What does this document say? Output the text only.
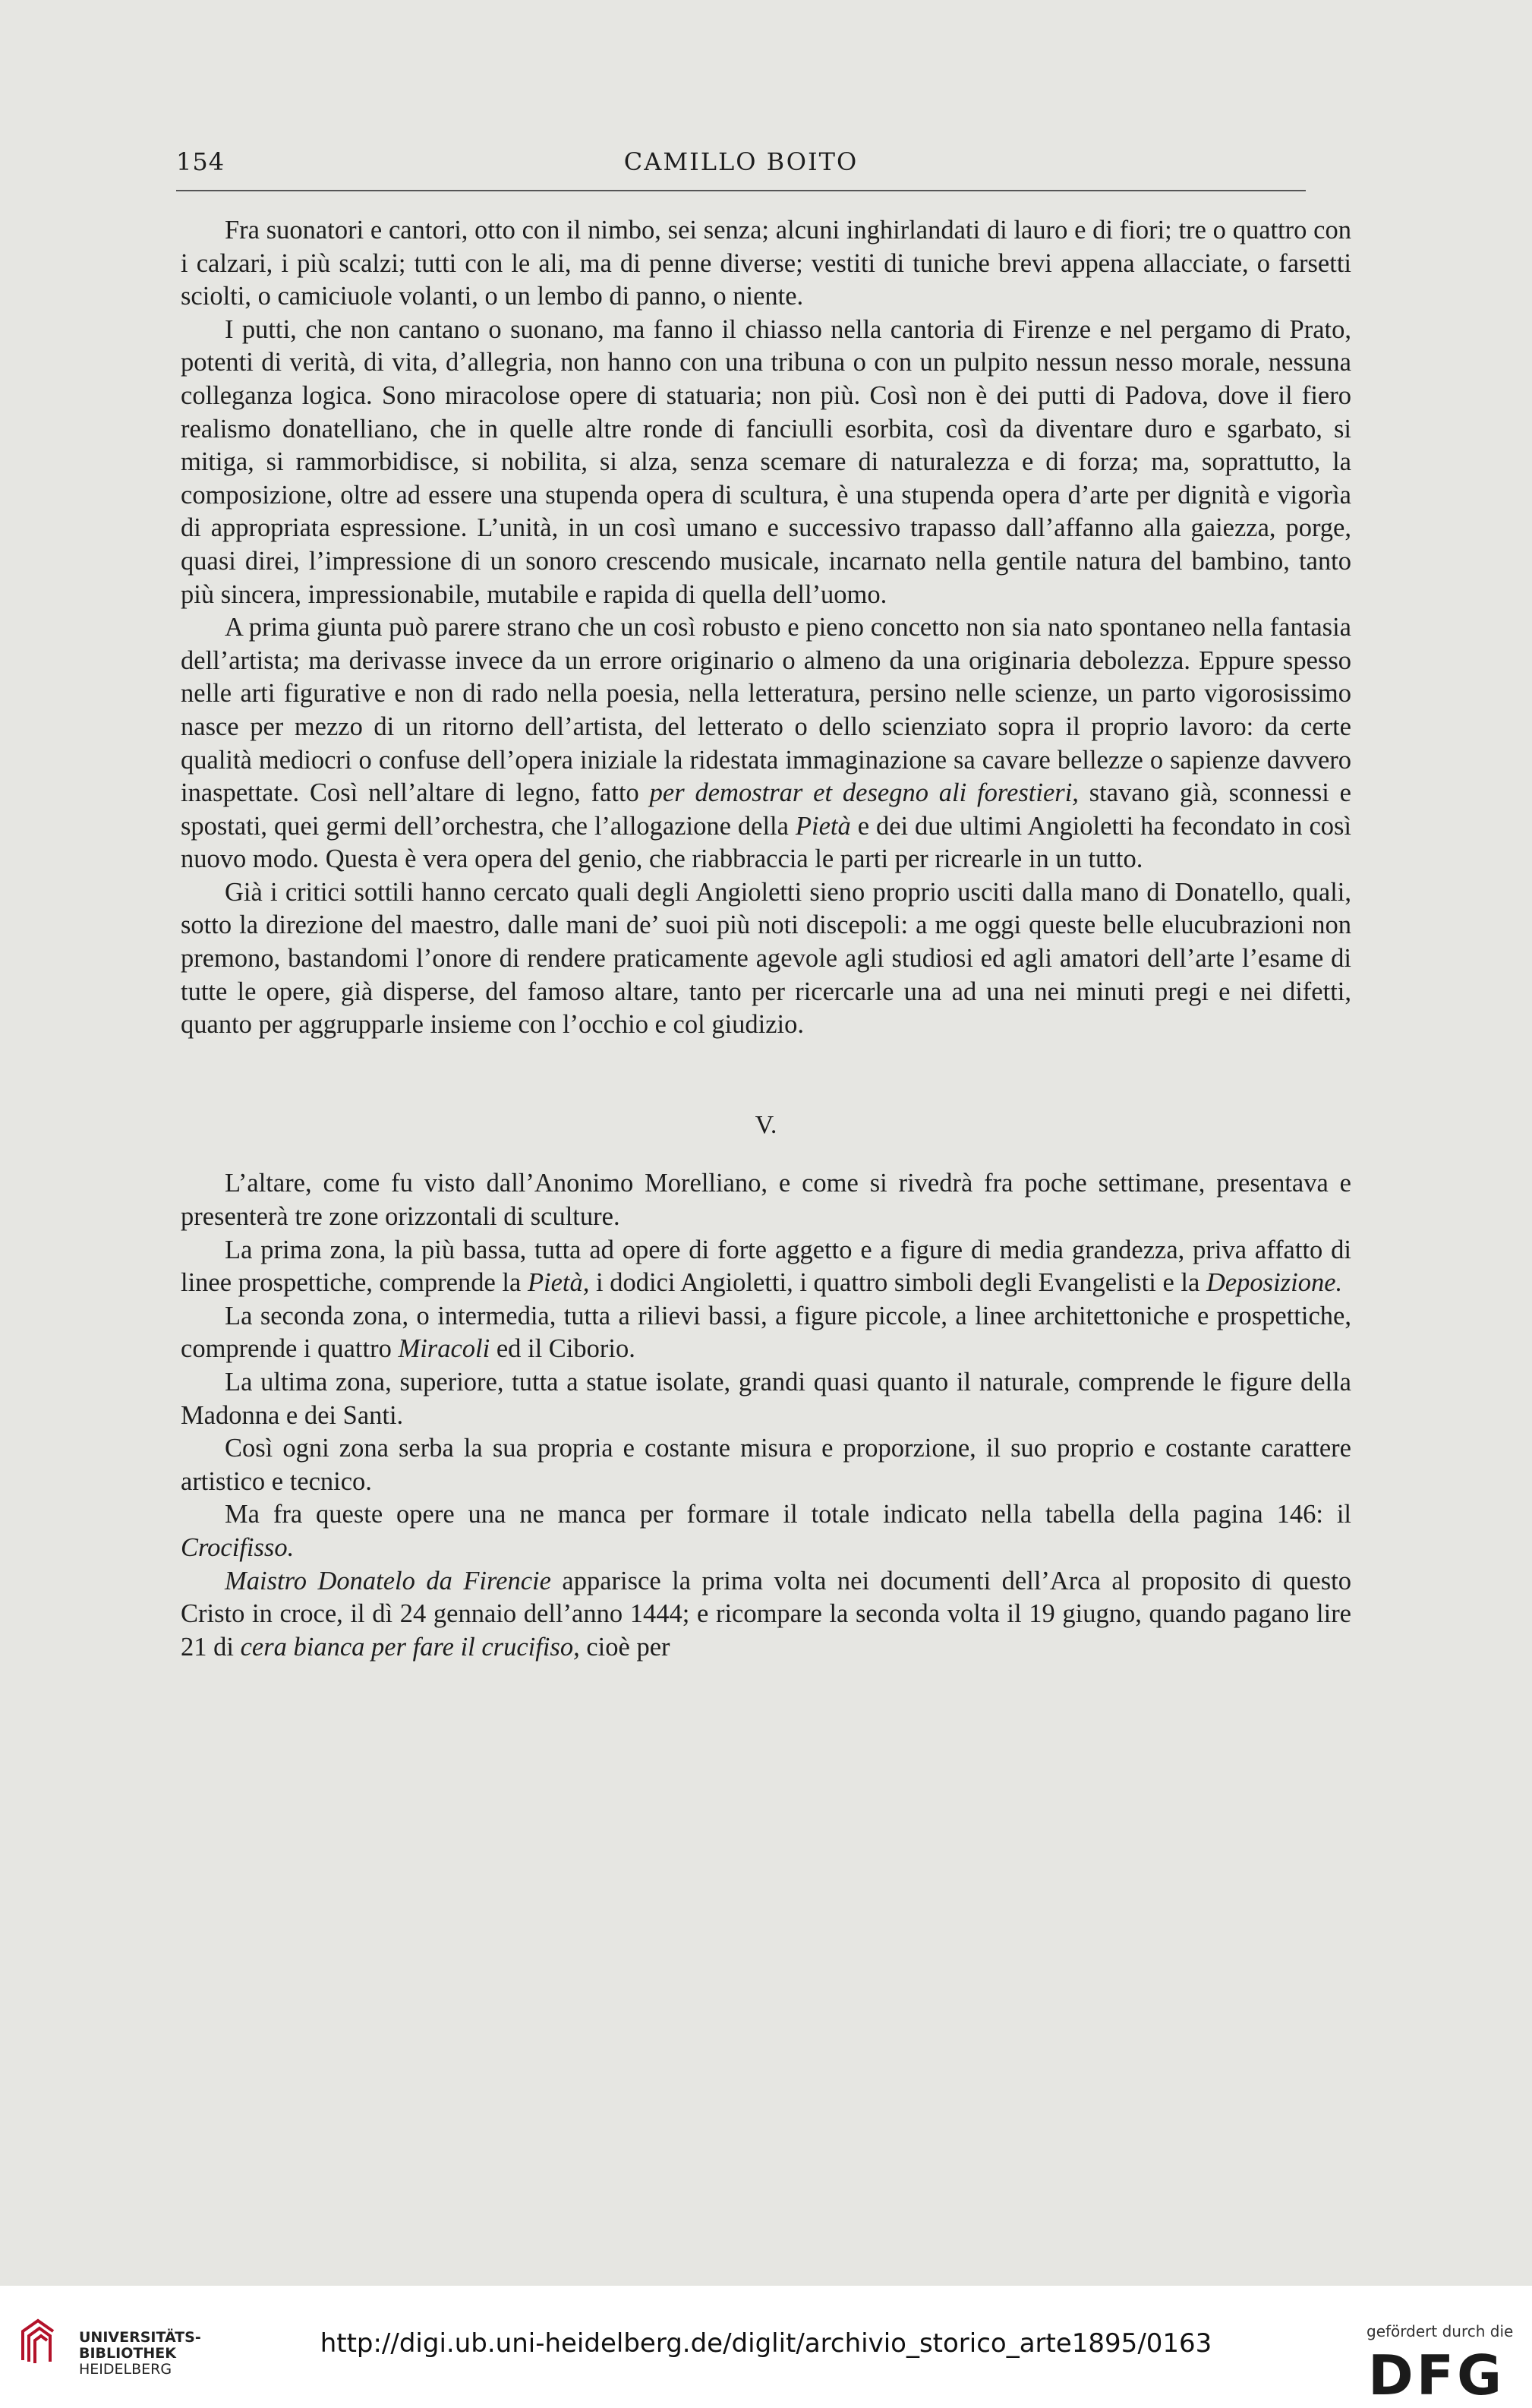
154	CAMILLO BOITO

Fra suonatori e cantori, otto con il nimbo, sei senza; alcuni inghirlandati di lauro e di fiori; tre o quattro con i calzari, i più scalzi; tutti con le ali, ma di penne diverse; vestiti di tuniche brevi appena allacciate, o farsetti sciolti, o camiciuole volanti, o un lembo di panno, o niente.

I putti, che non cantano o suonano, ma fanno il chiasso nella cantoria di Firenze e nel pergamo di Prato, potenti di verità, di vita, d’allegria, non hanno con una tribuna o con un pulpito nessun nesso morale, nessuna colleganza logica. Sono miracolose opere di statuaria; non più. Così non è dei putti di Padova, dove il fiero realismo donatelliano, che in quelle altre ronde di fanciulli esorbita, così da diventare duro e sgarbato, si mitiga, si rammorbidisce, si nobilita, si alza, senza scemare di naturalezza e di forza; ma, soprattutto, la composizione, oltre ad essere una stupenda opera di scultura, è una stupenda opera d’arte per dignità e vigorìa di appropriata espressione. L’unità, in un così umano e successivo trapasso dall’affanno alla gaiezza, porge, quasi direi, l’impressione di un sonoro crescendo musicale, incarnato nella gentile natura del bambino, tanto più sincera, impressionabile, mutabile e rapida di quella dell’uomo.

A prima giunta può parere strano che un così robusto e pieno concetto non sia nato spontaneo nella fantasia dell’artista; ma derivasse invece da un errore originario o almeno da una originaria debolezza. Eppure spesso nelle arti figurative e non di rado nella poesia, nella letteratura, persino nelle scienze, un parto vigorosissimo nasce per mezzo di un ritorno dell’artista, del letterato o dello scienziato sopra il proprio lavoro: da certe qualità mediocri o confuse dell’opera iniziale la ridestata immaginazione sa cavare bellezze o sapienze davvero inaspettate. Così nell’altare di legno, fatto per demostrar et desegno ali forestieri, stavano già, sconnessi e spostati, quei germi dell’orchestra, che l’allogazione della Pietà e dei due ultimi Angioletti ha fecondato in così nuovo modo. Questa è vera opera del genio, che riabbraccia le parti per ricrearle in un tutto.

Già i critici sottili hanno cercato quali degli Angioletti sieno proprio usciti dalla mano di Donatello, quali, sotto la direzione del maestro, dalle mani de’ suoi più noti discepoli: a me oggi queste belle elucubrazioni non premono, bastandomi l’onore di rendere praticamente agevole agli studiosi ed agli amatori dell’arte l’esame di tutte le opere, già disperse, del famoso altare, tanto per ricercarle una ad una nei minuti pregi e nei difetti, quanto per aggrupparle insieme con l’occhio e col giudizio.

V.

L’altare, come fu visto dall’Anonimo Morelliano, e come si rivedrà fra poche settimane, presentava e presenterà tre zone orizzontali di sculture.

La prima zona, la più bassa, tutta ad opere di forte aggetto e a figure di media grandezza, priva affatto di linee prospettiche, comprende la Pietà, i dodici Angioletti, i quattro simboli degli Evangelisti e la Deposizione.

La seconda zona, o intermedia, tutta a rilievi bassi, a figure piccole, a linee architettoniche e prospettiche, comprende i quattro Miracoli ed il Ciborio.

La ultima zona, superiore, tutta a statue isolate, grandi quasi quanto il naturale, comprende le figure della Madonna e dei Santi.

Così ogni zona serba la sua propria e costante misura e proporzione, il suo proprio e costante carattere artistico e tecnico.

Ma fra queste opere una ne manca per formare il totale indicato nella tabella della pagina 146: il Crocifisso.

Maistro Donatelo da Firencie apparisce la prima volta nei documenti dell’Arca al proposito di questo Cristo in croce, il dì 24 gennaio dell’anno 1444; e ricompare la seconda volta il 19 giugno, quando pagano lire 21 di cera bianca per fare il crucifiso, cioè per

UNIVERSITÄTS-
BIBLIOTHEK
HEIDELBERG
http://digi.ub.uni-heidelberg.de/diglit/archivio_storico_arte1895/0163	gefördert durch die
DFG
